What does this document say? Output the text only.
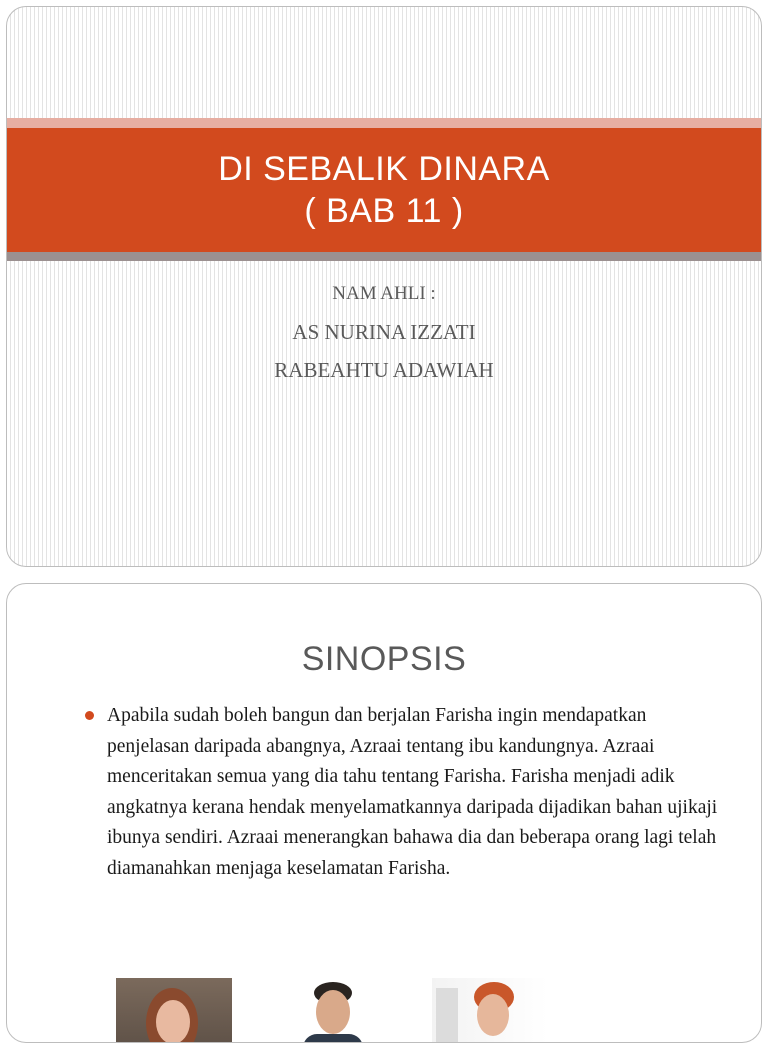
DI SEBALIK DINARA
( BAB 11 )
NAM AHLI :
AS NURINA IZZATI
RABEAHTU ADAWIAH
SINOPSIS
Apabila sudah boleh bangun dan berjalan Farisha ingin mendapatkan penjelasan daripada abangnya, Azraai tentang ibu kandungnya. Azraai menceritakan semua yang dia tahu tentang Farisha. Farisha menjadi adik angkatnya kerana hendak menyelamatkannya daripada dijadikan bahan ujikaji ibunya sendiri. Azraai menerangkan bahawa dia dan beberapa orang lagi telah diamanahkan menjaga keselamatan Farisha.
